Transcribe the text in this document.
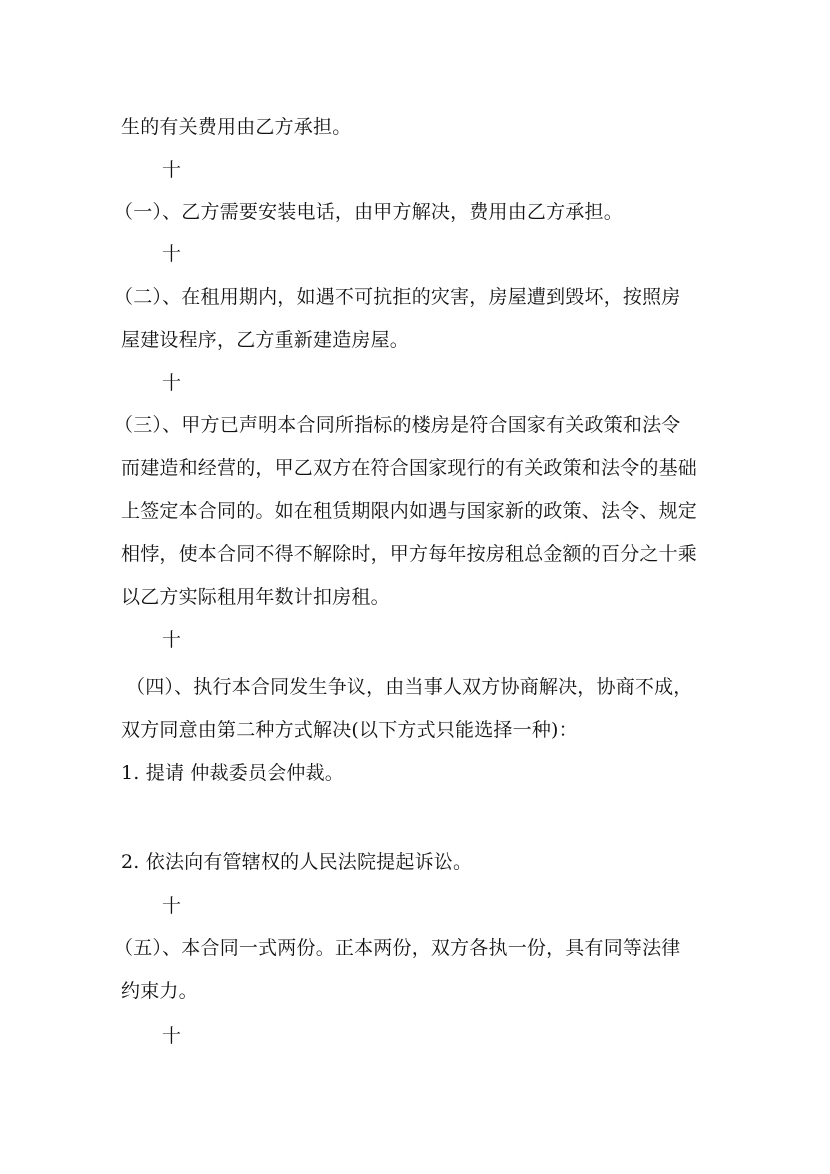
生的有关费用由乙方承担。
十
（一）、乙方需要安装电话，由甲方解决，费用由乙方承担。
十
（二）、在租用期内，如遇不可抗拒的灾害，房屋遭到毁坏，按照房
屋建设程序，乙方重新建造房屋。
十
（三）、甲方已声明本合同所指标的楼房是符合国家有关政策和法令
而建造和经营的，甲乙双方在符合国家现行的有关政策和法令的基础
上签定本合同的。如在租赁期限内如遇与国家新的政策、法令、规定
相悖，使本合同不得不解除时，甲方每年按房租总金额的百分之十乘
以乙方实际租用年数计扣房租。
十
（四）、执行本合同发生争议，由当事人双方协商解决，协商不成，
双方同意由第二种方式解决(以下方式只能选择一种)：
1. 提请 仲裁委员会仲裁。
2. 依法向有管辖权的人民法院提起诉讼。
十
（五）、本合同一式两份。正本两份，双方各执一份，具有同等法律
约束力。
十
